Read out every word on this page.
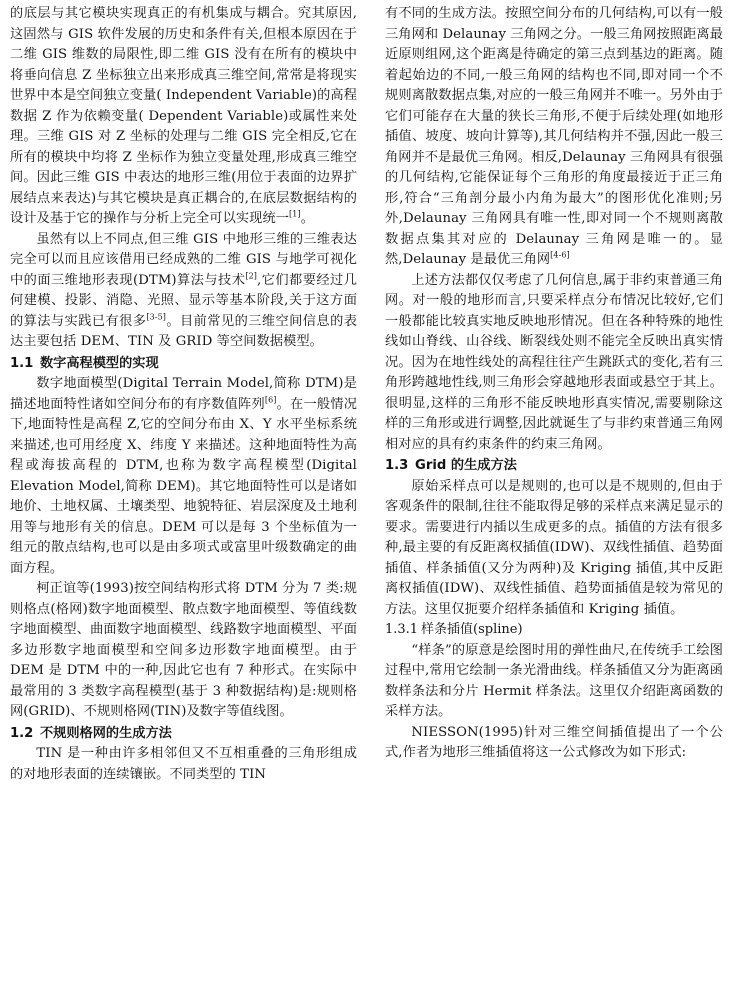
的底层与其它模块实现真正的有机集成与耦合。究其原因,这固然与 GIS 软件发展的历史和条件有关,但根本原因在于二维 GIS 维数的局限性,即二维 GIS 没有在所有的模块中将垂向信息 Z 坐标独立出来形成真三维空间,常常是将现实世界中本是空间独立变量( Independent Variable)的高程数据 Z 作为依赖变量( Dependent Variable)或属性来处理。三维 GIS 对 Z 坐标的处理与二维 GIS 完全相反,它在所有的模块中均将 Z 坐标作为独立变量处理,形成真三维空间。因此三维 GIS 中表达的地形三维(用位于表面的边界扩展结点来表达)与其它模块是真正耦合的,在底层数据结构的设计及基于它的操作与分析上完全可以实现统一[1]。

虽然有以上不同点,但三维 GIS 中地形三维的三维表达完全可以而且应该借用已经成熟的二维 GIS 与地学可视化中的面三维地形表现(DTM)算法与技术[2],它们都要经过几何建模、投影、消隐、光照、显示等基本阶段,关于这方面的算法与实践已有很多[3-5]。目前常见的三维空间信息的表达主要包括 DEM、TIN 及 GRID 等空间数据模型。

1.1 数字高程模型的实现

数字地面模型(Digital Terrain Model,简称 DTM)是描述地面特性诸如空间分布的有序数值阵列[6]。在一般情况下,地面特性是高程 Z,它的空间分布由 X、Y 水平坐标系统来描述,也可用经度 X、纬度 Y 来描述。这种地面特性为高程或海拔高程的 DTM,也称为数字高程模型(Digital Elevation Model,简称 DEM)。其它地面特性可以是诸如地价、土地权属、土壤类型、地貌特征、岩层深度及土地利用等与地形有关的信息。DEM 可以是每 3 个坐标值为一组元的散点结构,也可以是由多项式或富里叶级数确定的曲面方程。

柯正谊等(1993)按空间结构形式将 DTM 分为 7 类:规则格点(格网)数字地面模型、散点数字地面模型、等值线数字地面模型、曲面数字地面模型、线路数字地面模型、平面多边形数字地面模型和空间多边形数字地面模型。由于 DEM 是 DTM 中的一种,因此它也有 7 种形式。在实际中最常用的 3 类数字高程模型(基于 3 种数据结构)是:规则格网(GRID)、不规则格网(TIN)及数字等值线图。

1.2 不规则格网的生成方法

TIN 是一种由许多相邻但又不互相重叠的三角形组成的对地形表面的连续镶嵌。不同类型的 TIN

有不同的生成方法。按照空间分布的几何结构,可以有一般三角网和 Delaunay 三角网之分。一般三角网按照距离最近原则组网,这个距离是待确定的第三点到基边的距离。随着起始边的不同,一般三角网的结构也不同,即对同一个不规则离散数据点集,对应的一般三角网并不唯一。另外由于它们可能存在大量的狭长三角形,不便于后续处理(如地形插值、坡度、坡向计算等),其几何结构并不强,因此一般三角网并不是最优三角网。相反,Delaunay 三角网具有很强的几何结构,它能保证每个三角形的角度最接近于正三角形,符合“三角剖分最小内角为最大”的图形优化准则;另外,Delaunay 三角网具有唯一性,即对同一个不规则离散数据点集其对应的 Delaunay 三角网是唯一的。显然,Delaunay 是最优三角网[4-6]

上述方法都仅仅考虑了几何信息,属于非约束普通三角网。对一般的地形而言,只要采样点分布情况比较好,它们一般都能比较真实地反映地形情况。但在各种特殊的地性线如山脊线、山谷线、断裂线处则不能完全反映出真实情况。因为在地性线处的高程往往产生跳跃式的变化,若有三角形跨越地性线,则三角形会穿越地形表面或悬空于其上。很明显,这样的三角形不能反映地形真实情况,需要剔除这样的三角形或进行调整,因此就诞生了与非约束普通三角网相对应的具有约束条件的约束三角网。

1.3 Grid 的生成方法

原始采样点可以是规则的,也可以是不规则的,但由于客观条件的限制,往往不能取得足够的采样点来满足显示的要求。需要进行内插以生成更多的点。插值的方法有很多种,最主要的有反距离权插值(IDW)、双线性插值、趋势面插值、样条插值(又分为两种)及 Kriging 插值,其中反距离权插值(IDW)、双线性插值、趋势面插值是较为常见的方法。这里仅扼要介绍样条插值和 Kriging 插值。

1.3.1 样条插值(spline)

“样条”的原意是绘图时用的弹性曲尺,在传统手工绘图过程中,常用它绘制一条光滑曲线。样条插值又分为距离函数样条法和分片 Hermit 样条法。这里仅介绍距离函数的采样方法。

NIESSON(1995)针对三维空间插值提出了一个公式,作者为地形三维插值将这一公式修改为如下形式:
